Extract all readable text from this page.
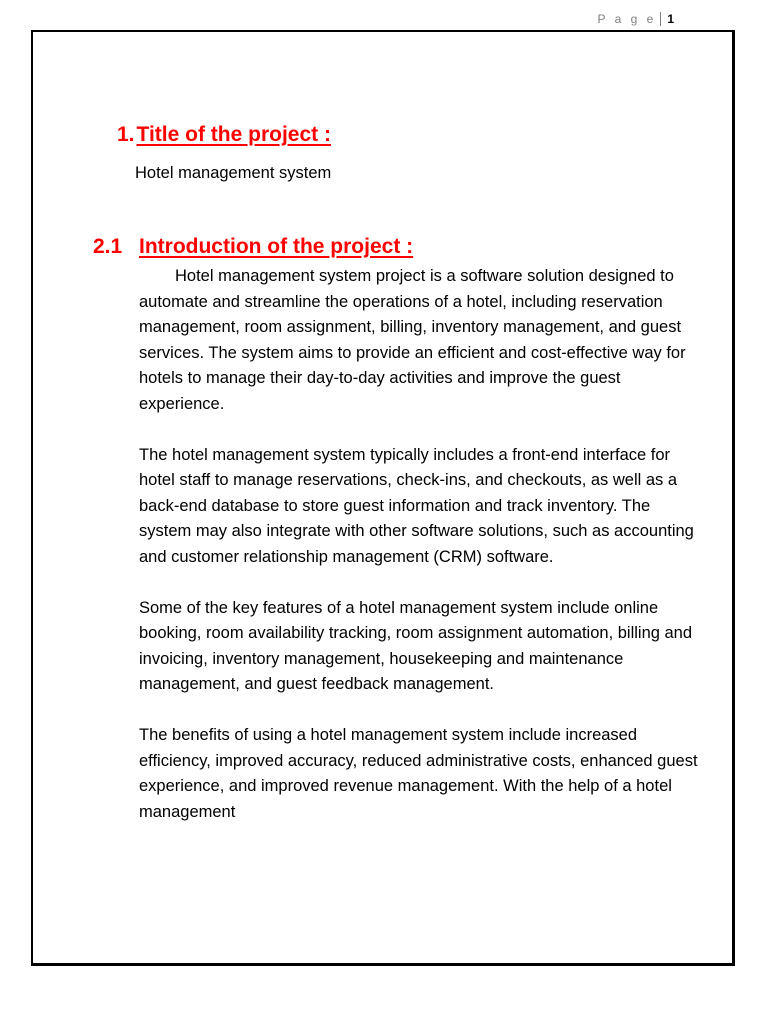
P a g e 1
1.Title of the project :

Hotel management system

2.1 Introduction of the project :

Hotel management system project is a software solution designed to automate and streamline the operations of a hotel, including reservation management, room assignment, billing, inventory management, and guest services. The system aims to provide an efficient and cost-effective way for hotels to manage their day-to-day activities and improve the guest experience.

The hotel management system typically includes a front-end interface for hotel staff to manage reservations, check-ins, and checkouts, as well as a back-end database to store guest information and track inventory. The system may also integrate with other software solutions, such as accounting and customer relationship management (CRM) software.

Some of the key features of a hotel management system include online booking, room availability tracking, room assignment automation, billing and invoicing, inventory management, housekeeping and maintenance management, and guest feedback management.

The benefits of using a hotel management system include increased efficiency, improved accuracy, reduced administrative costs, enhanced guest experience, and improved revenue management. With the help of a hotel management
